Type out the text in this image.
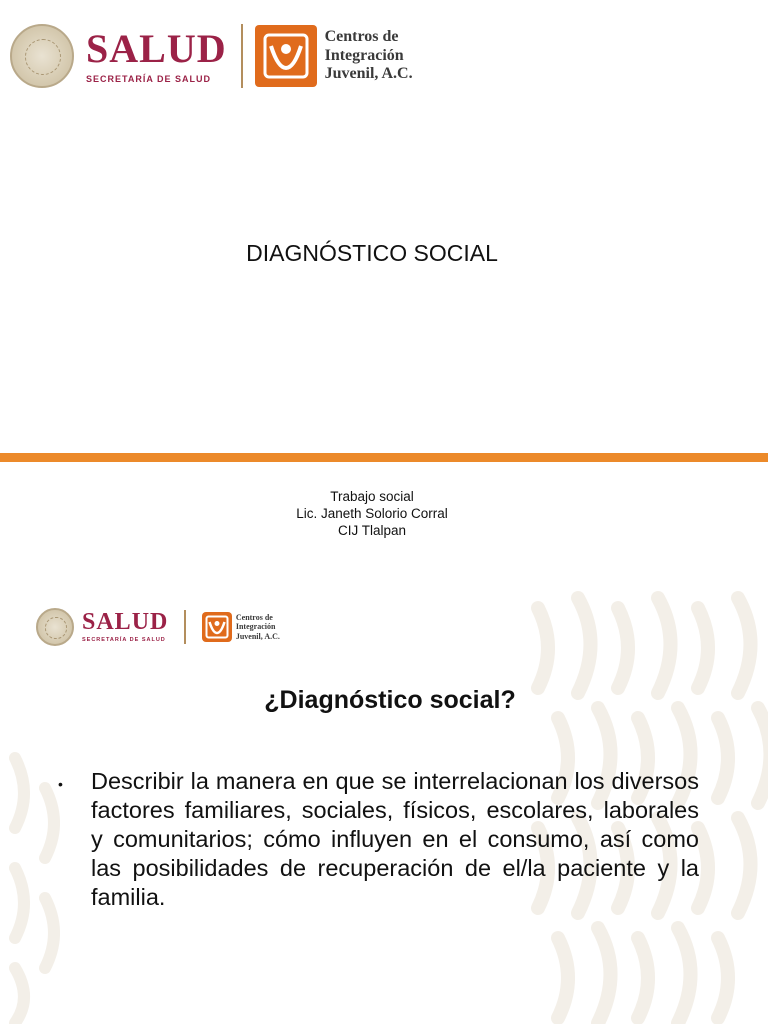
SALUD
SECRETARÍA DE SALUD
Centros de
Integración
Juvenil, A.C.
DIAGNÓSTICO SOCIAL
Trabajo social
Lic. Janeth Solorio Corral
CIJ Tlalpan
SALUD
SECRETARÍA DE SALUD
Centros de
Integración
Juvenil, A.C.
¿Diagnóstico social?
• Describir la manera en que se interrelacionan los diversos factores familiares, sociales, físicos, escolares, laborales y comunitarios; cómo influyen en el consumo, así como las posibilidades de recuperación de el/la paciente y la familia.
